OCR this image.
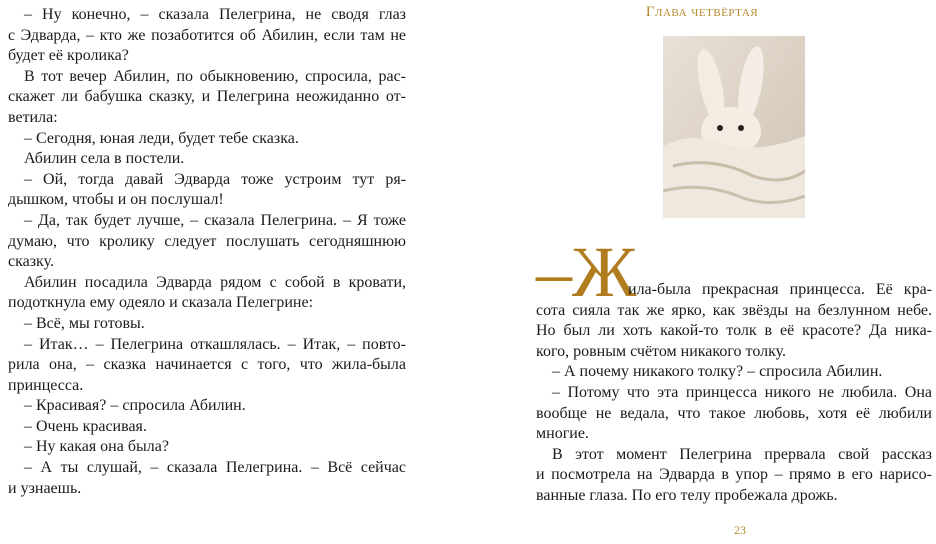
– Ну конечно, – сказала Пелегрина, не сводя глаз
с Эдварда, – кто же позаботится об Абилин, если там не
будет её кролика?
В тот вечер Абилин, по обыкновению, спросила, рас-
скажет ли бабушка сказку, и Пелегрина неожиданно от-
ветила:
– Сегодня, юная леди, будет тебе сказка.
Абилин села в постели.
– Ой, тогда давай Эдварда тоже устроим тут ря-
дышком, чтобы и он послушал!
– Да, так будет лучше, – сказала Пелегрина. – Я тоже
думаю, что кролику следует послушать сегодняшнюю
сказку.
Абилин посадила Эдварда рядом с собой в кровати,
подоткнула ему одеяло и сказала Пелегрине:
– Всё, мы готовы.
– Итак… – Пелегрина откашлялась. – Итак, – повто-
рила она, – сказка начинается с того, что жила-была
принцесса.
– Красивая? – спросила Абилин.
– Очень красивая.
– Ну какая она была?
– А ты слушай, – сказала Пелегрина. – Всё сейчас
и узнаешь.
Глава четвёртая
–Ж
ила-была прекрасная принцесса. Её кра-
сота сияла так же ярко, как звёзды на безлунном небе.
Но был ли хоть какой-то толк в её красоте? Да ника-
кого, ровным счётом никакого толку.
– А почему никакого толку? – спросила Абилин.
– Потому что эта принцесса никого не любила. Она
вообще не ведала, что такое любовь, хотя её любили
многие.
В этот момент Пелегрина прервала свой рассказ
и посмотрела на Эдварда в упор – прямо в его нарисо-
ванные глаза. По его телу пробежала дрожь.
23
